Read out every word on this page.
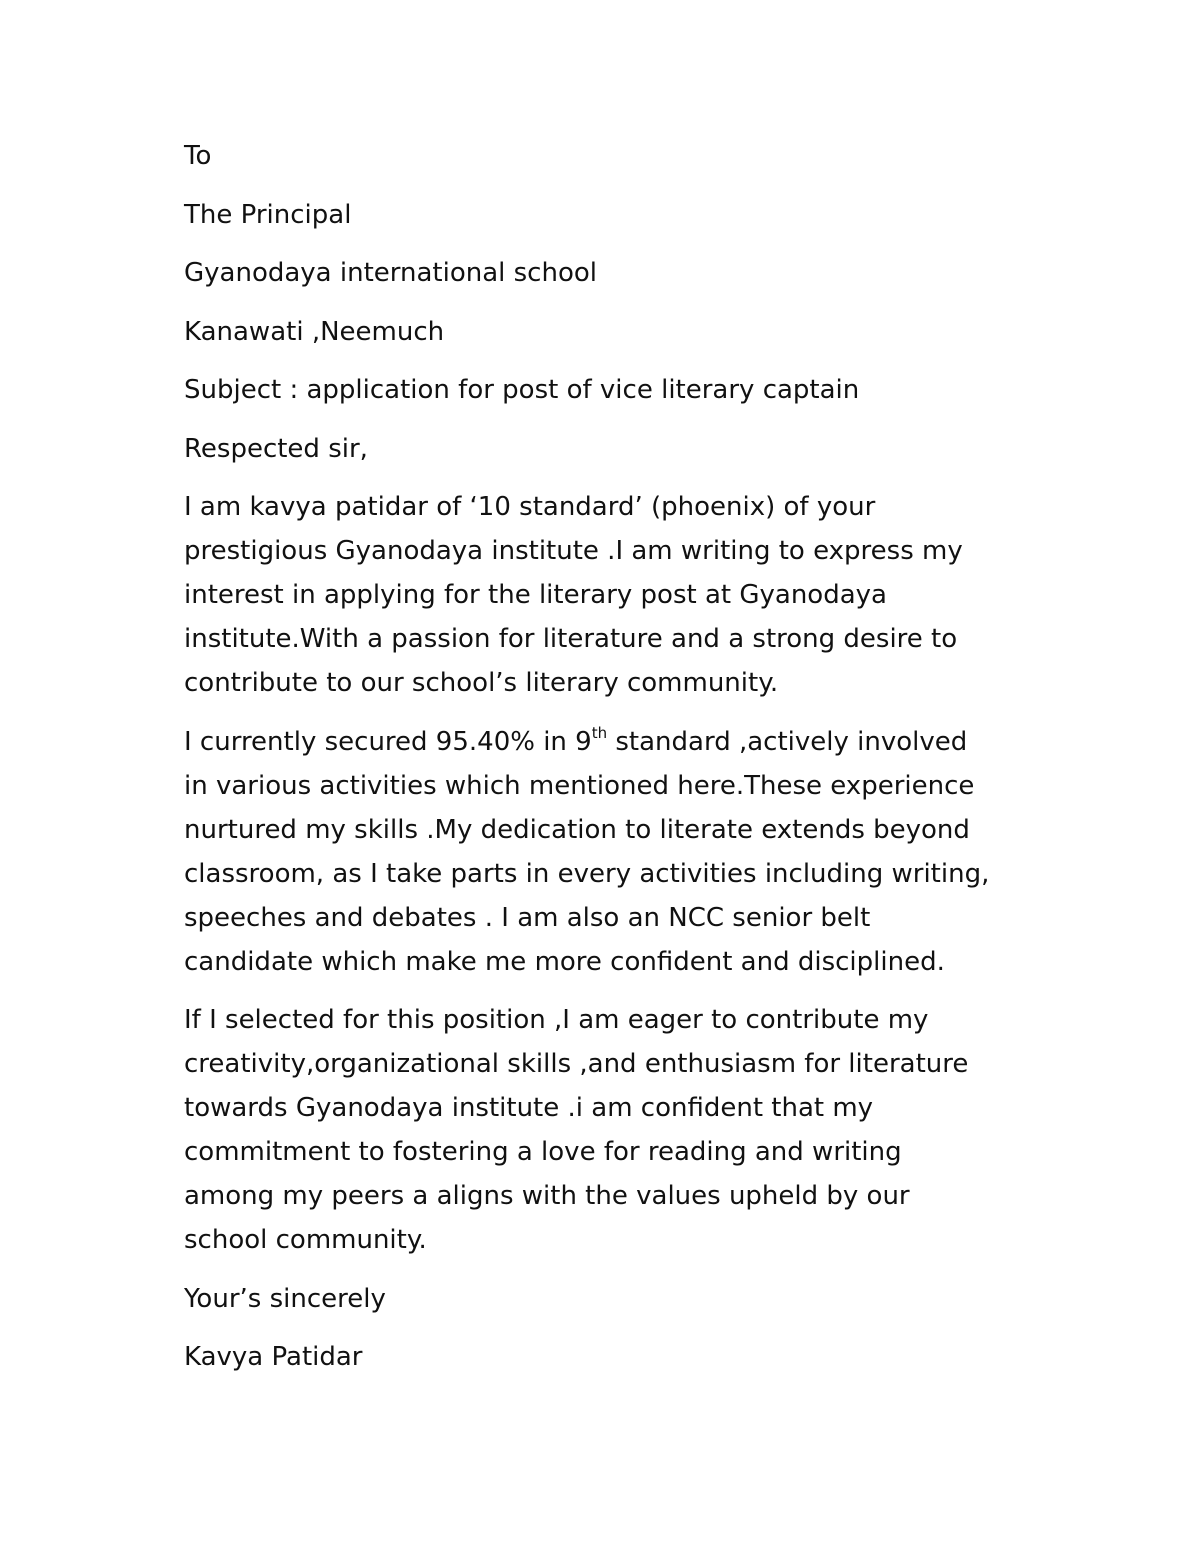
To

The Principal

Gyanodaya international school

Kanawati ,Neemuch

Subject : application for post of vice literary captain

Respected sir,

I am kavya patidar of ‘10 standard’ (phoenix) of your

prestigious Gyanodaya institute .I am writing to express my

interest in applying for the literary post at Gyanodaya

institute.With a passion for literature and a strong desire to

contribute to our school’s literary community.

I currently secured 95.40% in 9th standard ,actively involved

in various activities which mentioned here.These experience

nurtured my skills .My dedication to literate extends beyond

classroom, as I take parts in every activities including writing,

speeches and debates . I am also an NCC senior belt

candidate which make me more confident and disciplined.

If I selected for this position ,I am eager to contribute my

creativity,organizational skills ,and enthusiasm for literature

towards Gyanodaya institute .i am confident that my

commitment to fostering a love for reading and writing

among my peers a aligns with the values upheld by our

school community.

Your’s sincerely

Kavya Patidar
